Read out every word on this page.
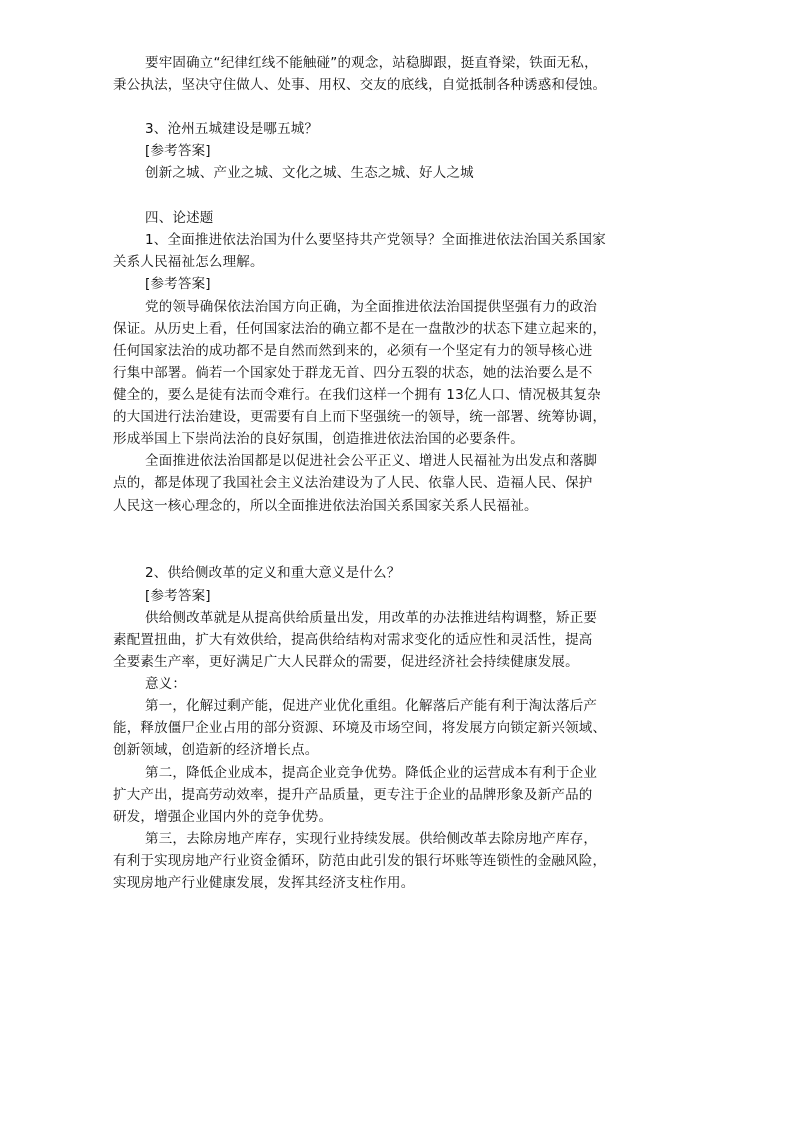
要牢固确立“纪律红线不能触碰”的观念，站稳脚跟，挺直脊梁，铁面无私，
秉公执法，坚决守住做人、处事、用权、交友的底线，自觉抵制各种诱惑和侵蚀。
3、沧州五城建设是哪五城？
[参考答案]
创新之城、产业之城、文化之城、生态之城、好人之城
四、论述题
1、全面推进依法治国为什么要坚持共产党领导？全面推进依法治国关系国家
关系人民福祉怎么理解。
[参考答案]
党的领导确保依法治国方向正确，为全面推进依法治国提供坚强有力的政治
保证。从历史上看，任何国家法治的确立都不是在一盘散沙的状态下建立起来的，
任何国家法治的成功都不是自然而然到来的，必须有一个坚定有力的领导核心进
行集中部署。倘若一个国家处于群龙无首、四分五裂的状态，她的法治要么是不
健全的，要么是徒有法而令难行。在我们这样一个拥有 13亿人口、情况极其复杂
的大国进行法治建设，更需要有自上而下坚强统一的领导，统一部署、统筹协调，
形成举国上下崇尚法治的良好氛围，创造推进依法治国的必要条件。
全面推进依法治国都是以促进社会公平正义、增进人民福祉为出发点和落脚
点的，都是体现了我国社会主义法治建设为了人民、依靠人民、造福人民、保护
人民这一核心理念的，所以全面推进依法治国关系国家关系人民福祉。
2、供给侧改革的定义和重大意义是什么？
[参考答案]
供给侧改革就是从提高供给质量出发，用改革的办法推进结构调整，矫正要
素配置扭曲，扩大有效供给，提高供给结构对需求变化的适应性和灵活性，提高
全要素生产率，更好满足广大人民群众的需要，促进经济社会持续健康发展。
意义：
第一，化解过剩产能，促进产业优化重组。化解落后产能有利于淘汰落后产
能，释放僵尸企业占用的部分资源、环境及市场空间，将发展方向锁定新兴领域、
创新领域，创造新的经济增长点。
第二，降低企业成本，提高企业竞争优势。降低企业的运营成本有利于企业
扩大产出，提高劳动效率，提升产品质量，更专注于企业的品牌形象及新产品的
研发，增强企业国内外的竞争优势。
第三，去除房地产库存，实现行业持续发展。供给侧改革去除房地产库存，
有利于实现房地产行业资金循环，防范由此引发的银行坏账等连锁性的金融风险，
实现房地产行业健康发展，发挥其经济支柱作用。
